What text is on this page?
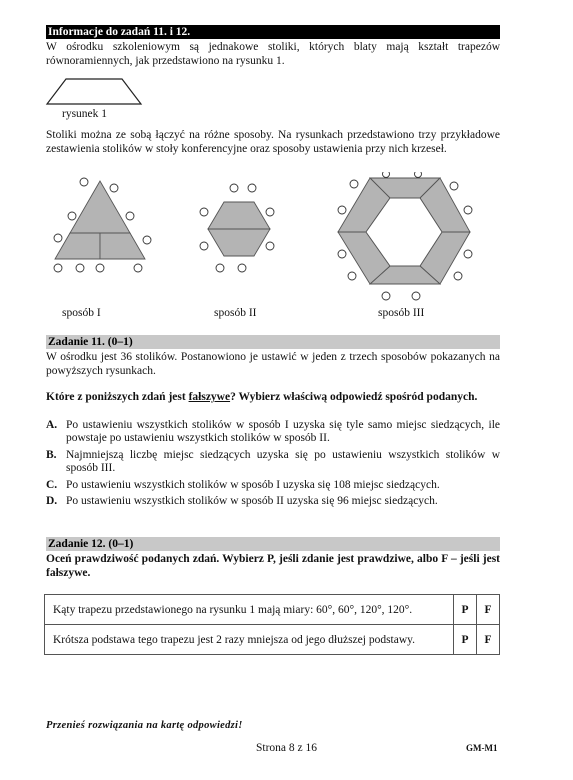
Informacje do zadań 11. i 12.
W ośrodku szkoleniowym są jednakowe stoliki, których blaty mają kształt trapezów równoramiennych, jak przedstawiono na rysunku 1.
rysunek 1
Stoliki można ze sobą łączyć na różne sposoby. Na rysunkach przedstawiono trzy przykładowe zestawienia stolików w stoły konferencyjne oraz sposoby ustawienia przy nich krzeseł.
sposób I	sposób II	sposób III
Zadanie 11. (0–1)
W ośrodku jest 36 stolików. Postanowiono je ustawić w jeden z trzech sposobów pokazanych na powyższych rysunkach.
Które z poniższych zdań jest fałszywe? Wybierz właściwą odpowiedź spośród podanych.
A. Po ustawieniu wszystkich stolików w sposób I uzyska się tyle samo miejsc siedzących, ile powstaje po ustawieniu wszystkich stolików w sposób II.
B. Najmniejszą liczbę miejsc siedzących uzyska się po ustawieniu wszystkich stolików w sposób III.
C. Po ustawieniu wszystkich stolików w sposób I uzyska się 108 miejsc siedzących.
D. Po ustawieniu wszystkich stolików w sposób II uzyska się 96 miejsc siedzących.
Zadanie 12. (0–1)
Oceń prawdziwość podanych zdań. Wybierz P, jeśli zdanie jest prawdziwe, albo F – jeśli jest fałszywe.
Kąty trapezu przedstawionego na rysunku 1 mają miary: 60°, 60°, 120°, 120°.	P	F
Krótsza podstawa tego trapezu jest 2 razy mniejsza od jego dłuższej podstawy.	P	F
Przenieś rozwiązania na kartę odpowiedzi!
Strona 8 z 16	GM-M1
